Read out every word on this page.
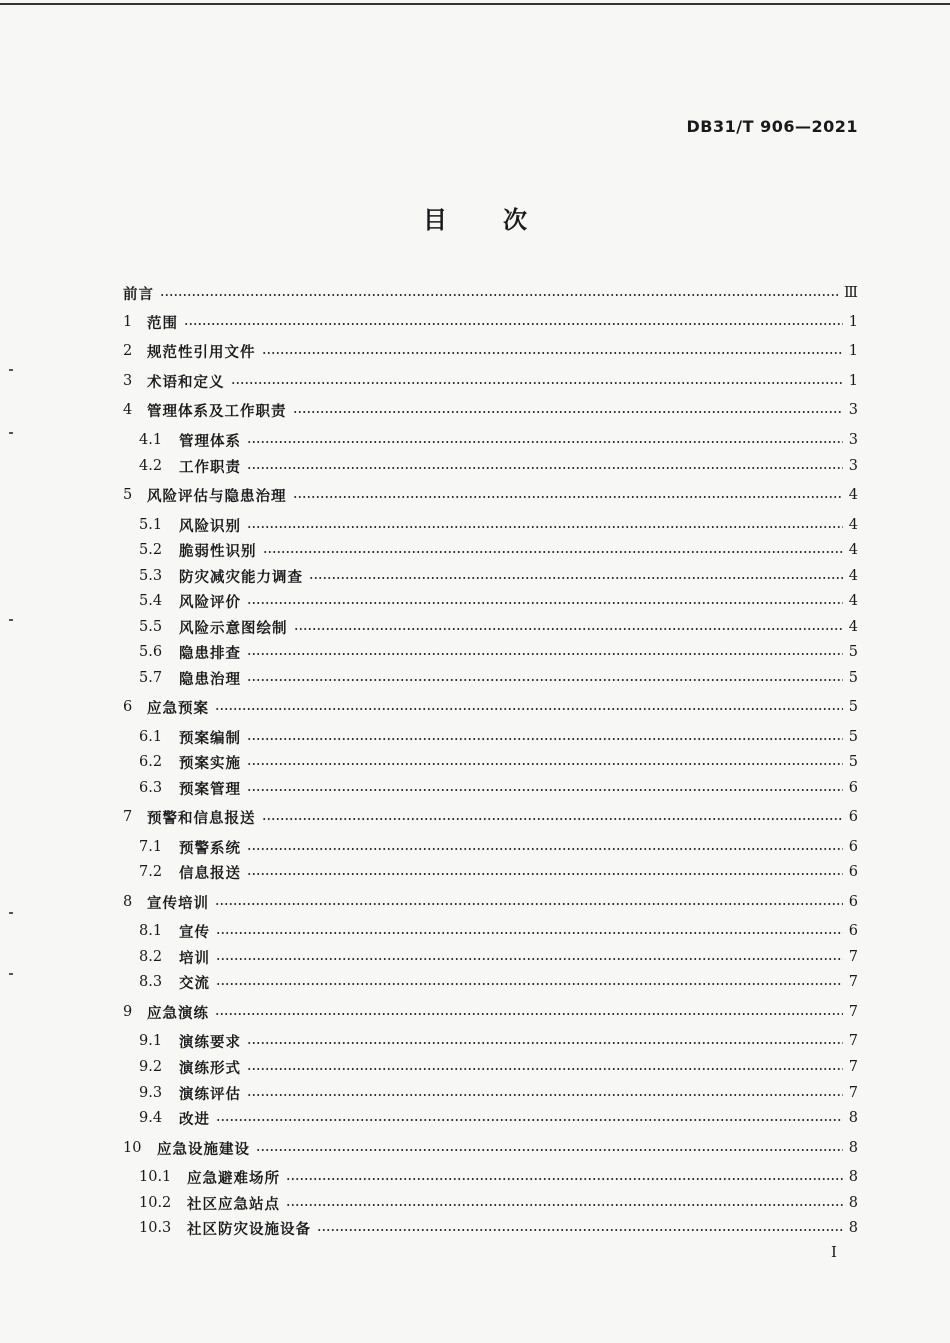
DB31/T 906—2021
目次
前言	Ⅲ
1	范围	1
2	规范性引用文件	1
3	术语和定义	1
4	管理体系及工作职责	3
4.1	管理体系	3
4.2	工作职责	3
5	风险评估与隐患治理	4
5.1	风险识别	4
5.2	脆弱性识别	4
5.3	防灾减灾能力调查	4
5.4	风险评价	4
5.5	风险示意图绘制	4
5.6	隐患排查	5
5.7	隐患治理	5
6	应急预案	5
6.1	预案编制	5
6.2	预案实施	5
6.3	预案管理	6
7	预警和信息报送	6
7.1	预警系统	6
7.2	信息报送	6
8	宣传培训	6
8.1	宣传	6
8.2	培训	7
8.3	交流	7
9	应急演练	7
9.1	演练要求	7
9.2	演练形式	7
9.3	演练评估	7
9.4	改进	8
10	应急设施建设	8
10.1	应急避难场所	8
10.2	社区应急站点	8
10.3	社区防灾设施设备	8
I
